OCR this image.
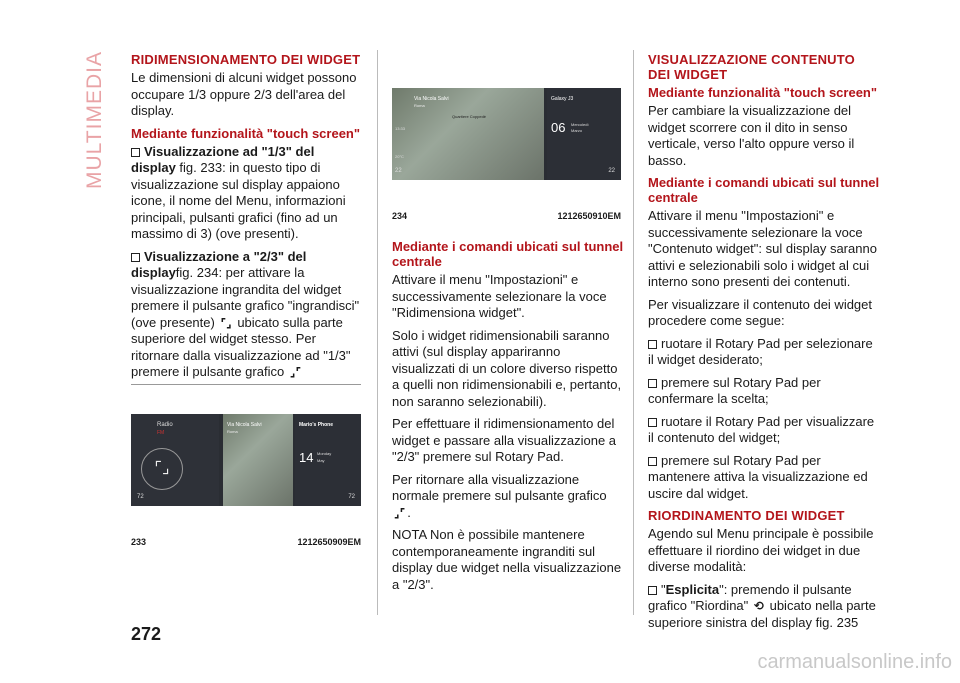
MULTIMEDIA RIDIMENSIONAMENTO DEI WIDGET

Le dimensioni di alcuni widget possono occupare 1/3 oppure 2/3 dell'area del display.

Mediante funzionalità "touch screen"

Visualizzazione ad "1/3" del display fig. 233: in questo tipo di visualizzazione sul display appaiono icone, il nome del Menu, informazioni principali, pulsanti grafici (fino ad un massimo di 3) (ove presenti).

Visualizzazione a "2/3" del displayfig. 234: per attivare la visualizzazione ingrandita del widget premere il pulsante grafico "ingrandisci" (ove presente) ⌜⌟ ubicato sulla parte superiore del widget stesso. Per ritornare dalla visualizzazione ad "1/3" premere il pulsante grafico ⌟⌜

Radio
FM
⌜⌟
72
Via Nicola Salvi
Roma
Mario's Phone
14 Monday
May
72
233	1212650909EM
Via Nicola Salvi
Roma
Quartiere Coppedè
13:33
20°C
22
Galaxy J3
06 Mercoledì
Marzo
22
234	1212650910EM
Mediante i comandi ubicati sul tunnel centrale

Attivare il menu "Impostazioni" e successivamente selezionare la voce "Ridimensiona widget".

Solo i widget ridimensionabili saranno attivi (sul display appariranno visualizzati di un colore diverso rispetto a quelli non ridimensionabili e, pertanto, non saranno selezionabili).

Per effettuare il ridimensionamento del widget e passare alla visualizzazione a "2/3" premere sul Rotary Pad.

Per ritornare alla visualizzazione normale premere sul pulsante grafico ⌟⌜ .

NOTA Non è possibile mantenere contemporaneamente ingranditi sul display due widget nella visualizzazione a "2/3".

VISUALIZZAZIONE CONTENUTO DEI WIDGET
Mediante funzionalità "touch screen"

Per cambiare la visualizzazione del widget scorrere con il dito in senso verticale, verso l'alto oppure verso il basso.

Mediante i comandi ubicati sul tunnel centrale

Attivare il menu "Impostazioni" e successivamente selezionare la voce "Contenuto widget": sul display saranno attivi e selezionabili solo i widget al cui interno sono presenti dei contenuti.

Per visualizzare il contenuto dei widget procedere come segue:

ruotare il Rotary Pad per selezionare il widget desiderato;

premere sul Rotary Pad per confermare la scelta;

ruotare il Rotary Pad per visualizzare il contenuto del widget;

premere sul Rotary Pad per mantenere attiva la visualizzazione ed uscire dal widget.

RIORDINAMENTO DEI WIDGET

Agendo sul Menu principale è possibile effettuare il riordino dei widget in due diverse modalità:

"Esplicita": premendo il pulsante grafico "Riordina" ⟲ ubicato nella parte superiore sinistra del display fig. 235

272
carmanualsonline.info
